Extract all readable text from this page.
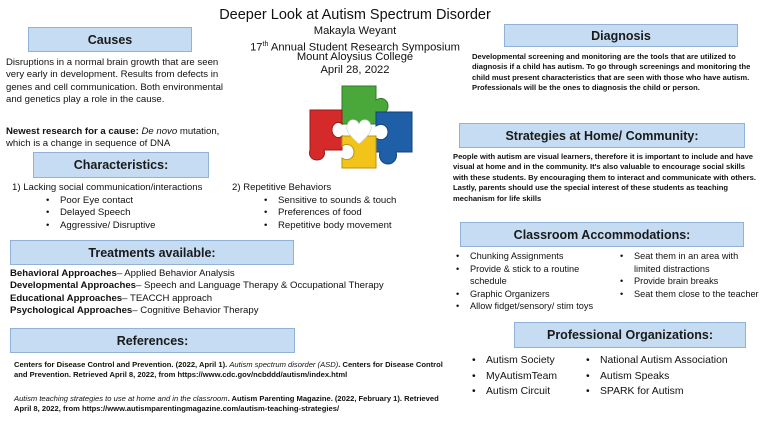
Deeper Look at Autism Spectrum Disorder
Makayla Weyant
17th Annual Student Research Symposium
Mount Aloysius College
April 28, 2022
Causes
Disruptions in a normal brain growth that are seen very early in development. Results from defects in genes and cell communication. Both environmental and genetics play a role in the cause.
Newest research for a cause: De novo mutation, which is a change in sequence of DNA
Characteristics:
1) Lacking social communication/interactions
• Poor Eye contact
• Delayed Speech
• Aggressive/ Disruptive
2) Repetitive Behaviors
• Sensitive to sounds & touch
• Preferences of food
• Repetitive body movement
Treatments available:
Behavioral Approaches– Applied Behavior Analysis
Developmental Approaches– Speech and Language Therapy & Occupational Therapy
Educational Approaches– TEACCH approach
Psychological Approaches– Cognitive Behavior Therapy
References:
Centers for Disease Control and Prevention. (2022, April 1). Autism spectrum disorder (ASD). Centers for Disease Control and Prevention. Retrieved April 8, 2022, from https://www.cdc.gov/ncbddd/autism/index.html
Autism teaching strategies to use at home and in the classroom. Autism Parenting Magazine. (2022, February 1). Retrieved April 8, 2022, from https://www.autismparentingmagazine.com/autism-teaching-strategies/
Diagnosis
Developmental screening and monitoring are the tools that are utilized to diagnosis if a child has autism. To go through screenings and monitoring the child must present characteristics that are seen with those who have autism. Professionals will be the ones to diagnosis the child or person.
Strategies at Home/ Community:
People with autism are visual learners, therefore it is important to include and have visual at home and in the community. It's also valuable to encourage social skills with these students. By encouraging them to interact and communicate with others. Lastly, parents should use the special interest of these students as teaching mechanism for life skills
Classroom Accommodations:
• Chunking Assignments
• Provide & stick to a routine schedule
• Graphic Organizers
• Allow fidget/sensory/ stim toys
• Seat them in an area with limited distractions
• Provide brain breaks
• Seat them close to the teacher
Professional Organizations:
• Autism Society
• MyAutismTeam
• Autism Circuit
• National Autism Association
• Autism Speaks
• SPARK for Autism
